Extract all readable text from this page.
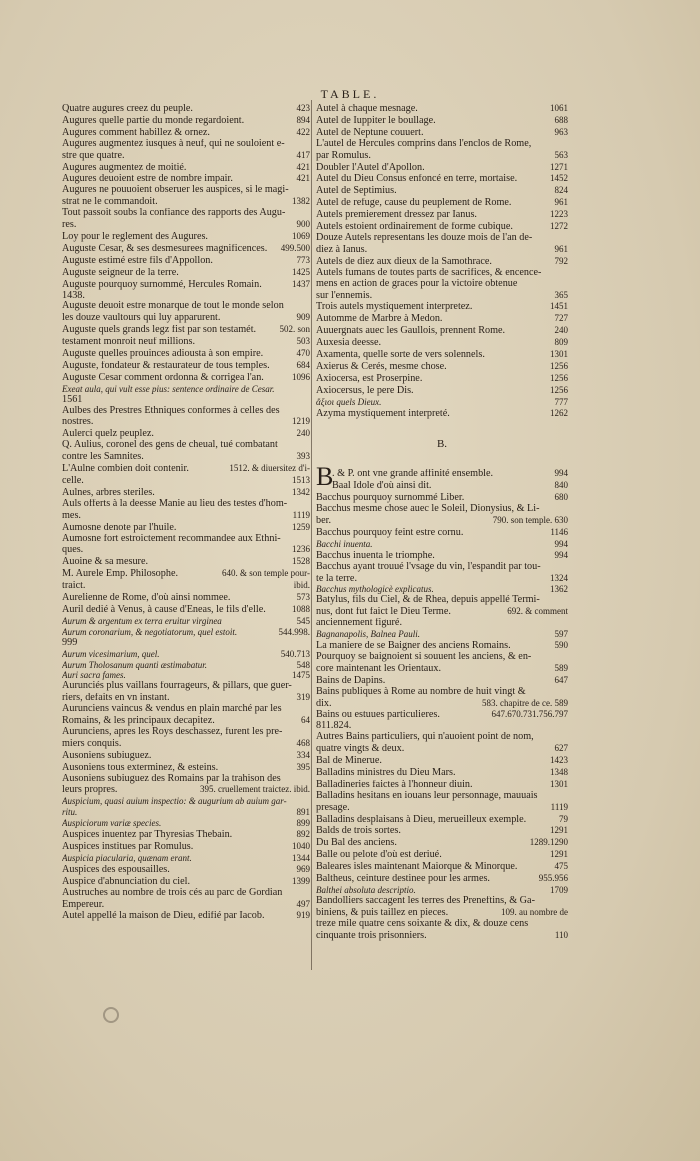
TABLE.
Quatre augures creez du peuple.	423
Augures quelle partie du monde regardoient.	894
Augures comment habillez & ornez.	422
Augures augmentez iusques à neuf, qui ne souloient e-
stre que quatre.	417
Augures augmentez de moitié.	421
Augures deuoient estre de nombre impair.	421
Augures ne pouuoient obseruer les auspices, si le magi-
strat ne le commandoit.	1382
Tout passoit soubs la confiance des rapports des Augu-
res.	900
Loy pour le reglement des Augures.	1069
Auguste Cesar, & ses desmesurees magnificences.	499.500
Auguste estimé estre fils d'Appollon.	773
Auguste seigneur de la terre.	1425
Auguste pourquoy surnommé, Hercules Romain.	1437
1438.
Auguste deuoit estre monarque de tout le monde selon
les douze vaultours qui luy apparurent.	909
Auguste quels grands legz fist par son testamét.	502. son
testament monroit neuf millions.	503
Auguste quelles prouinces adiousta à son empire.	470
Auguste, fondateur & restaurateur de tous temples.	684
Auguste Cesar comment ordonna & corrigea l'an.	1096
Exeat aula, qui vult esse pius: sentence ordinaire de Cesar.
1561
Aulbes des Prestres Ethniques conformes à celles des
nostres.	1219
Aulerci quelz peuplez.	240
Q. Aulius, coronel des gens de cheual, tué combatant
contre les Samnites.	393
L'Aulne combien doit contenir.	1512. & diuersitez d'i-
celle.	1513
Aulnes, arbres steriles.	1342
Auls offerts à la deesse Manie au lieu des testes d'hom-
mes.	1119
Aumosne denote par l'huile.	1259
Aumosne fort estroictement recommandee aux Ethni-
ques.	1236
Auoine & sa mesure.	1528
M. Aurele Emp. Philosophe.	640. & son temple pour-
traict.	ibid.
Aurelienne de Rome, d'où ainsi nommee.	573
Auril dedié à Venus, à cause d'Eneas, le fils d'elle.	1088
Aurum & argentum ex terra eruitur virginea	545
Aurum coronarium, & negotiatorum, quel estoit.	544.998.
999
Aurum vicesimarium, quel.	540.713
Aurum Tholosanum quanti æstimabatur.	548
Auri sacra fames.	1475
Aurunciés plus vaillans fourrageurs, & pillars, que guer-
riers, defaits en vn instant.	319
Aurunciens vaincus & vendus en plain marché par les
Romains, & les principaux decapitez.	64
Aurunciens, apres les Roys deschassez, furent les pre-
miers conquis.	468
Ausoniens subiuguez.	334
Ausoniens tous exterminez, & esteins.	395
Ausoniens subiuguez des Romains par la trahison des
leurs propres.	395. cruellement traictez. ibid.
Auspicium, quasi auium inspectio: & augurium ab auium gar-
ritu.	891
Auspiciorum variæ species.	899
Auspices inuentez par Thyresias Thebain.	892
Auspices institues par Romulus.	1040
Auspicia piacularia, quænam erant.	1344
Auspices des espousailles.	969
Auspice d'abnunciation du ciel.	1399
Austruches au nombre de trois cés au parc de Gordian
Empereur.	497
Autel appellé la maison de Dieu, edifié par Iacob.	919
Autel à chaque mesnage.	1061
Autel de Iuppiter le boullage.	688
Autel de Neptune couuert.	963
L'autel de Hercules comprins dans l'enclos de Rome,
par Romulus.	563
Doubler l'Autel d'Apollon.	1271
Autel du Dieu Consus enfoncé en terre, mortaise.	1452
Autel de Septimius.	824
Autel de refuge, cause du peuplement de Rome.	961
Autels premierement dressez par Ianus.	1223
Autels estoient ordinairement de forme cubique.	1272
Douze Autels representans les douze mois de l'an de-
diez à Ianus.	961
Autels de diez aux dieux de la Samothrace.	792
Autels fumans de toutes parts de sacrifices, & encence-
mens en action de graces pour la victoire obtenue
sur l'ennemis.	365
Trois autels mystiquement interpretez.	1451
Automme de Marbre à Medon.	727
Auuergnats auec les Gaullois, prennent Rome.	240
Auxesia deesse.	809
Axamenta, quelle sorte de vers solennels.	1301
Axierus & Cerés, mesme chose.	1256
Axiocersa, est Proserpine.	1256
Axiocersus, le pere Dis.	1256
ἄξιοι quels Dieux.	777
Azyma mystiquement interpreté.	1262
B.
B
. & P. ont vne grande affinité ensemble.	994
Baal Idole d'où ainsi dit.	840
Bacchus pourquoy surnommé Liber.	680
Bacchus mesme chose auec le Soleil, Dionysius, & Li-
ber.	790. son temple. 630
Bacchus pourquoy feint estre cornu.	1146
Bacchi inuenta.	994
Bacchus inuenta le triomphe.	994
Bacchus ayant trouué l'vsage du vin, l'espandit par tou-
te la terre.	1324
Bacchus mythologicè explicatus.	1362
Batylus, fils du Ciel, & de Rhea, depuis appellé Termi-
nus, dont fut faict le Dieu Terme.	692. & comment
anciennement figuré.
Bagnanapolis, Balnea Pauli.	597
La maniere de se Baigner des anciens Romains.	590
Pourquoy se baignoient si souuent les anciens, & en-
core maintenant les Orientaux.	589
Bains de Dapins.	647
Bains publiques à Rome au nombre de huit vingt &
dix.	583. chapitre de ce. 589
Bains ou estuues particulieres.	647.670.731.756.797
811.824.
Autres Bains particuliers, qui n'auoient point de nom,
quatre vingts & deux.	627
Bal de Minerue.	1423
Balladins ministres du Dieu Mars.	1348
Balladineries faictes à l'honneur diuin.	1301
Balladins hesitans en iouans leur personnage, mauuais
presage.	1119
Balladins desplaisans à Dieu, merueilleux exemple.	79
Balds de trois sortes.	1291
Du Bal des anciens.	1289.1290
Balle ou pelote d'où est deriué.	1291
Baleares isles maintenant Maiorque & Minorque.	475
Baltheus, ceinture destinee pour les armes.	955.956
Balthei absoluta descriptio.	1709
Bandolliers saccagent les terres des Preneftins, & Ga-
biniens, & puis taillez en pieces.	109. au nombre de
treze mile quatre cens soixante & dix, & douze cens
cinquante trois prisonniers.	110
